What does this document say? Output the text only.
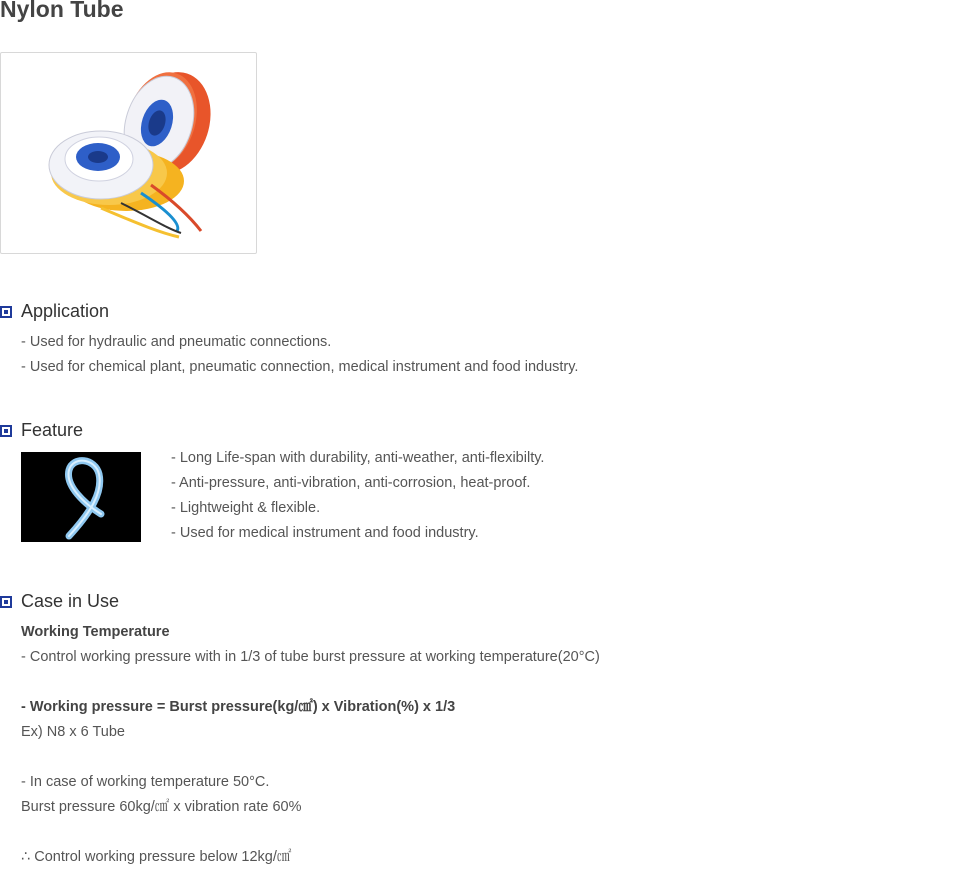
Nylon Tube
Application
- Used for hydraulic and pneumatic connections.
- Used for chemical plant, pneumatic connection, medical instrument and food industry.
Feature
- Long Life-span with durability, anti-weather, anti-flexibilty.
- Anti-pressure, anti-vibration, anti-corrosion, heat-proof.
- Lightweight & flexible.
- Used for medical instrument and food industry.
Case in Use
Working Temperature
- Control working pressure with in 1/3 of tube burst pressure at working temperature(20°C)
- Working pressure = Burst pressure(kg/㎠) x Vibration(%) x 1/3
Ex) N8 x 6 Tube
- In case of working temperature 50°C.
Burst pressure 60kg/㎠ x vibration rate 60%
∴ Control working pressure below 12kg/㎠
